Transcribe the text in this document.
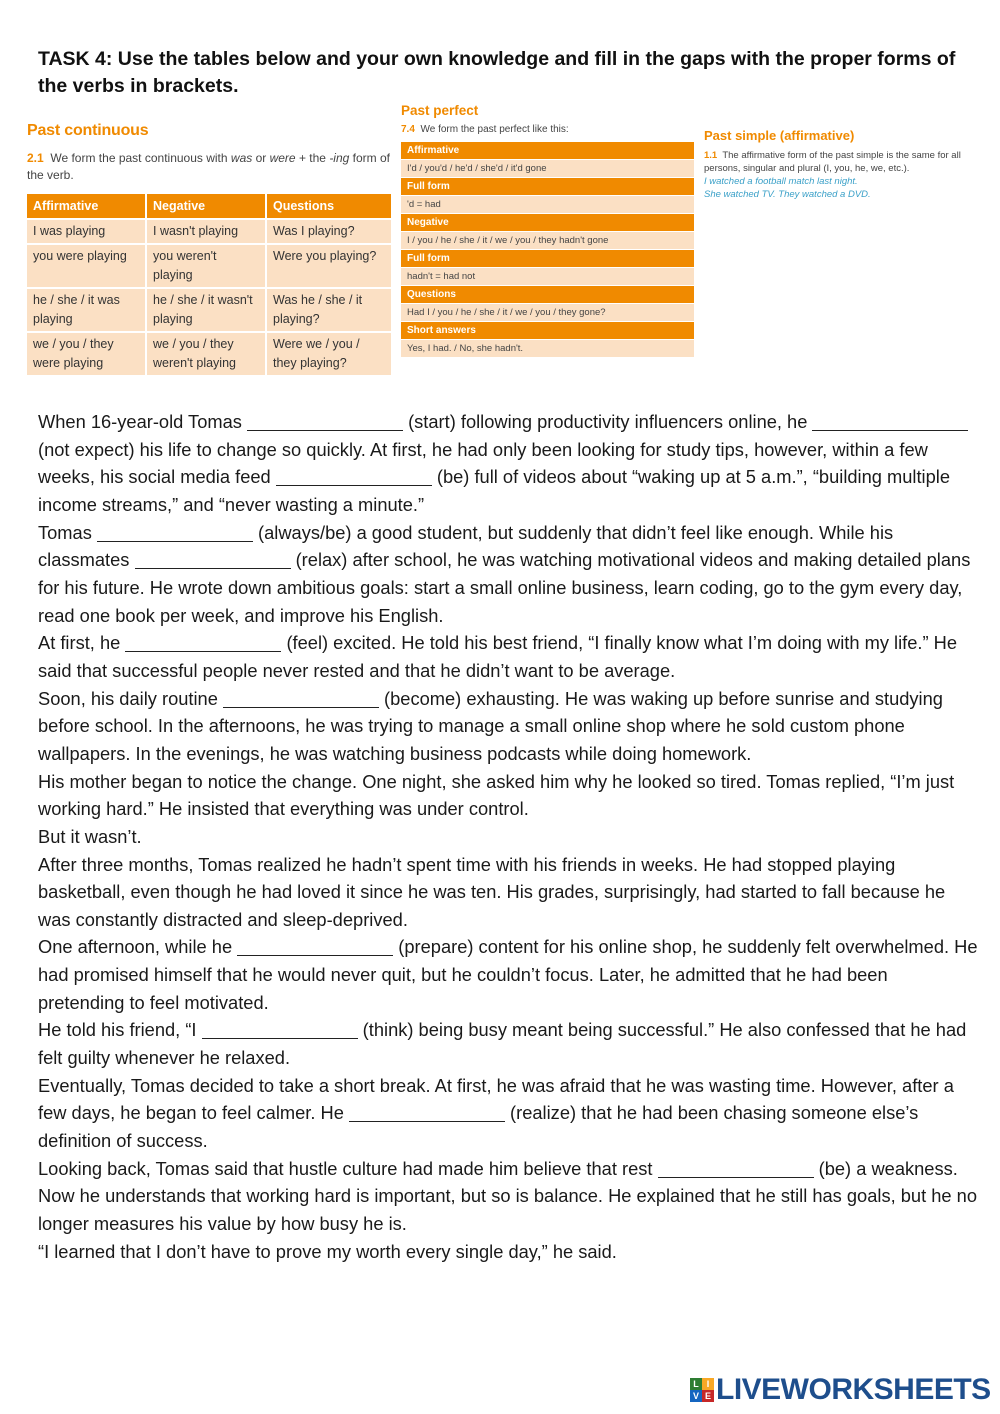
TASK 4: Use the tables below and your own knowledge and fill in the gaps with the proper forms of the verbs in brackets.
Past continuous
2.1 We form the past continuous with was or were + the -ing form of the verb.
Affirmative	Negative	Questions
I was playing	I wasn't playing	Was I playing?
you were playing	you weren't playing	Were you playing?
he / she / it was playing	he / she / it wasn't playing	Was he / she / it playing?
we / you / they were playing	we / you / they weren't playing	Were we / you / they playing?
Past perfect
7.4 We form the past perfect like this:
Affirmative
I'd / you'd / he'd / she'd / it'd gone
Full form
'd = had
Negative
I / you / he / she / it / we / you / they hadn't gone
Full form
hadn't = had not
Questions
Had I / you / he / she / it / we / you / they gone?
Short answers
Yes, I had. / No, she hadn't.
Past simple (affirmative)
1.1 The affirmative form of the past simple is the same for all persons, singular and plural (I, you, he, we, etc.).
I watched a football match last night.
She watched TV. They watched a DVD.

When 16-year-old Tomas	(start) following productivity influencers online, he  (not expect) his life to change so quickly. At first, he had only been looking for study tips, however, within a few weeks, his social media feed	(be) full of videos about “waking up at 5 a.m.”, “building multiple income streams,” and “never wasting a minute.”

Tomas	(always/be) a good student, but suddenly that didn’t feel like enough. While his classmates	(relax) after school, he was watching motivational videos and making detailed plans for his future. He wrote down ambitious goals: start a small online business, learn coding, go to the gym every day, read one book per week, and improve his English.

At first, he	(feel) excited. He told his best friend, “I finally know what I’m doing with my life.” He said that successful people never rested and that he didn’t want to be average.

Soon, his daily routine	(become) exhausting. He was waking up before sunrise and studying before school. In the afternoons, he was trying to manage a small online shop where he sold custom phone wallpapers. In the evenings, he was watching business podcasts while doing homework.

His mother began to notice the change. One night, she asked him why he looked so tired. Tomas replied, “I’m just working hard.” He insisted that everything was under control.

But it wasn’t.

After three months, Tomas realized he hadn’t spent time with his friends in weeks. He had stopped playing basketball, even though he had loved it since he was ten. His grades, surprisingly, had started to fall because he was constantly distracted and sleep-deprived.

One afternoon, while he	(prepare) content for his online shop, he suddenly felt overwhelmed. He had promised himself that he would never quit, but he couldn’t focus. Later, he admitted that he had been pretending to feel motivated.

He told his friend, “I	(think) being busy meant being successful.” He also confessed that he had felt guilty whenever he relaxed.

Eventually, Tomas decided to take a short break. At first, he was afraid that he was wasting time. However, after a few days, he began to feel calmer. He	(realize) that he had been chasing someone else’s definition of success.

Looking back, Tomas said that hustle culture had made him believe that rest	(be) a weakness. Now he understands that working hard is important, but so is balance. He explained that he still has goals, but he no longer measures his value by how busy he is.

“I learned that I don’t have to prove my worth every single day,” he said.

L I
V E LIVEWORKSHEETS
